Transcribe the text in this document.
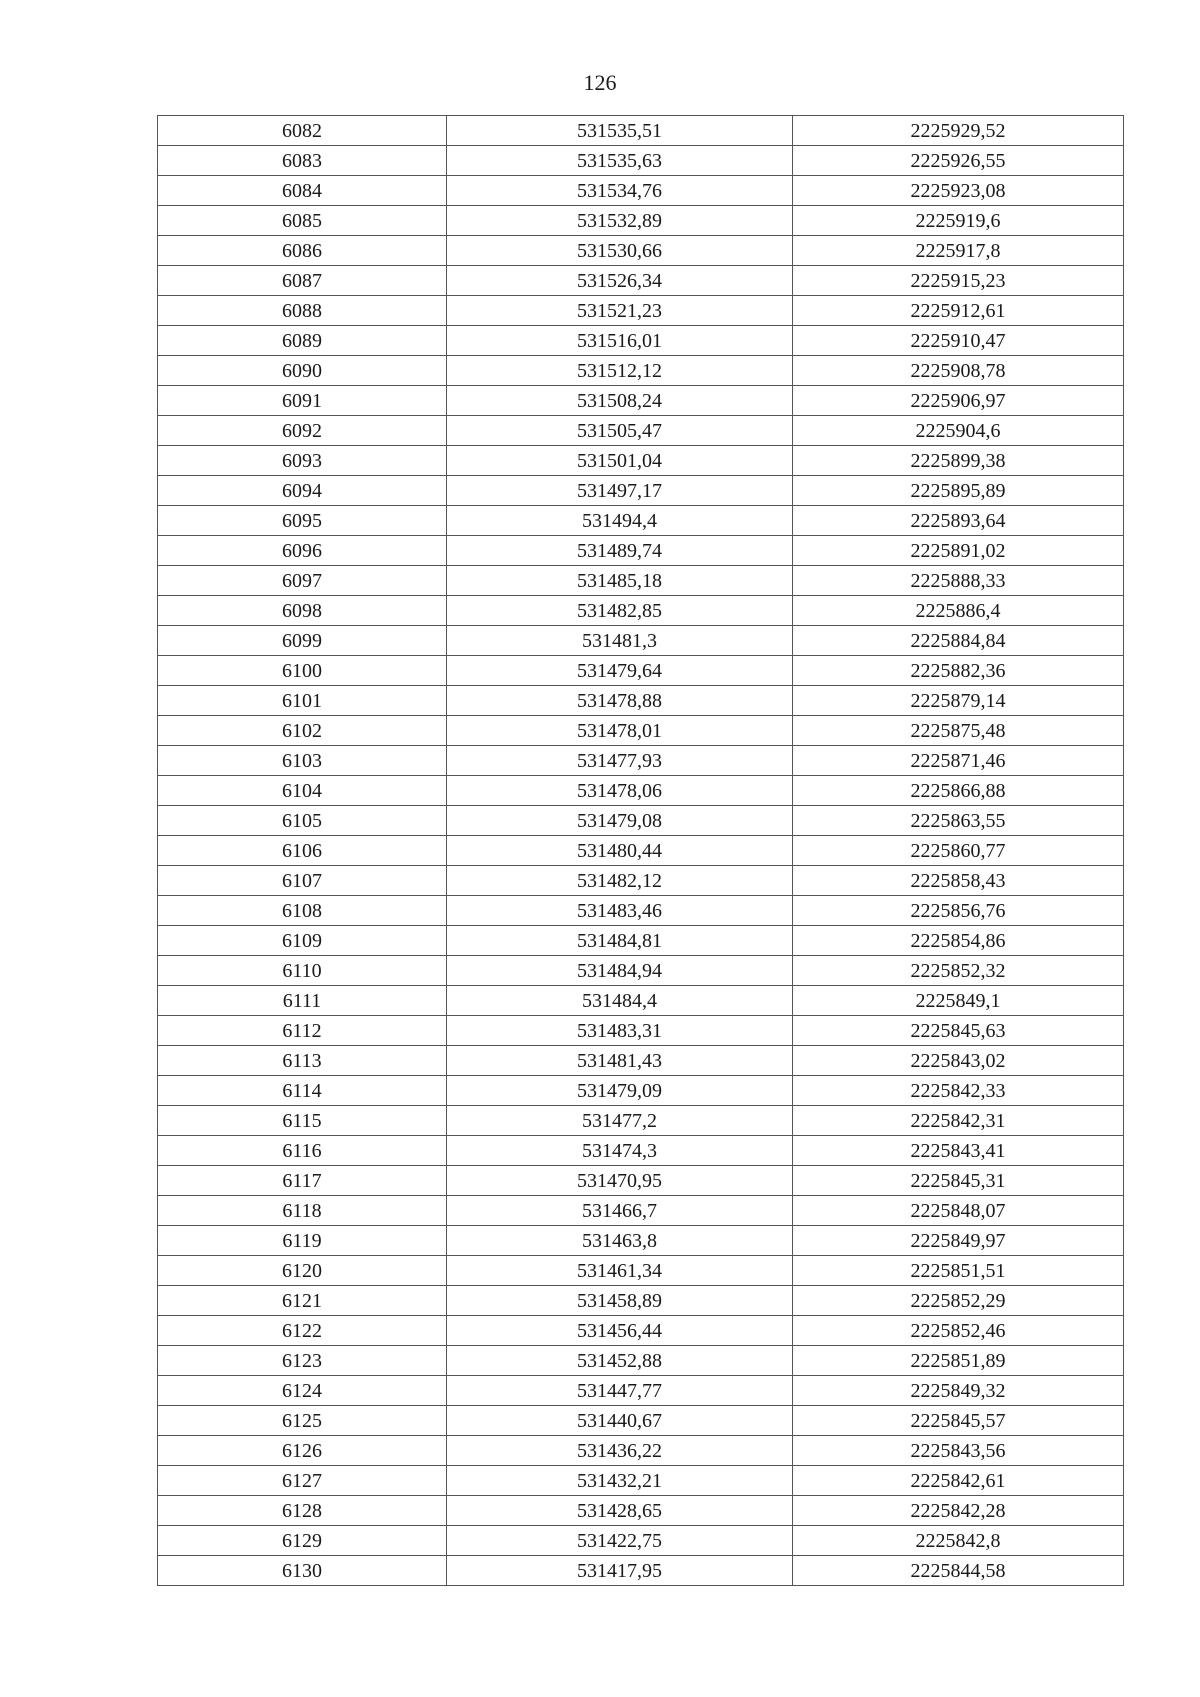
126
6082	531535,51	2225929,52
6083	531535,63	2225926,55
6084	531534,76	2225923,08
6085	531532,89	2225919,6
6086	531530,66	2225917,8
6087	531526,34	2225915,23
6088	531521,23	2225912,61
6089	531516,01	2225910,47
6090	531512,12	2225908,78
6091	531508,24	2225906,97
6092	531505,47	2225904,6
6093	531501,04	2225899,38
6094	531497,17	2225895,89
6095	531494,4	2225893,64
6096	531489,74	2225891,02
6097	531485,18	2225888,33
6098	531482,85	2225886,4
6099	531481,3	2225884,84
6100	531479,64	2225882,36
6101	531478,88	2225879,14
6102	531478,01	2225875,48
6103	531477,93	2225871,46
6104	531478,06	2225866,88
6105	531479,08	2225863,55
6106	531480,44	2225860,77
6107	531482,12	2225858,43
6108	531483,46	2225856,76
6109	531484,81	2225854,86
6110	531484,94	2225852,32
6111	531484,4	2225849,1
6112	531483,31	2225845,63
6113	531481,43	2225843,02
6114	531479,09	2225842,33
6115	531477,2	2225842,31
6116	531474,3	2225843,41
6117	531470,95	2225845,31
6118	531466,7	2225848,07
6119	531463,8	2225849,97
6120	531461,34	2225851,51
6121	531458,89	2225852,29
6122	531456,44	2225852,46
6123	531452,88	2225851,89
6124	531447,77	2225849,32
6125	531440,67	2225845,57
6126	531436,22	2225843,56
6127	531432,21	2225842,61
6128	531428,65	2225842,28
6129	531422,75	2225842,8
6130	531417,95	2225844,58
